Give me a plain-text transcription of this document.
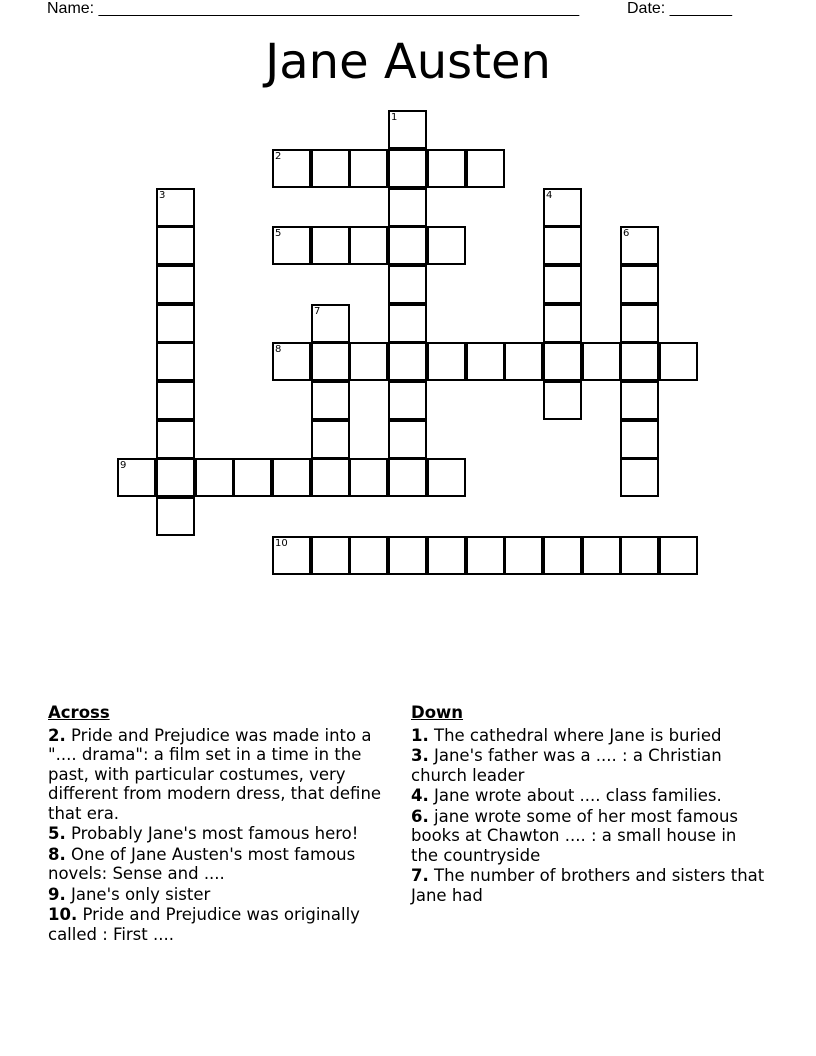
Name: ______________________________________________________	Date: _______
Jane Austen
1
2
3	4
5	6
7
8
9
10
Across
2. Pride and Prejudice was made into a ".... drama": a film set in a time in the past, with particular costumes, very different from modern dress, that define that era.
5. Probably Jane's most famous hero!
8. One of Jane Austen's most famous novels: Sense and ....
9. Jane's only sister
10. Pride and Prejudice was originally called : First ....
Down
1. The cathedral where Jane is buried
3. Jane's father was a .... : a Christian church leader
4. Jane wrote about .... class families.
6. jane wrote some of her most famous books at Chawton .... : a small house in the countryside
7. The number of brothers and sisters that Jane had
